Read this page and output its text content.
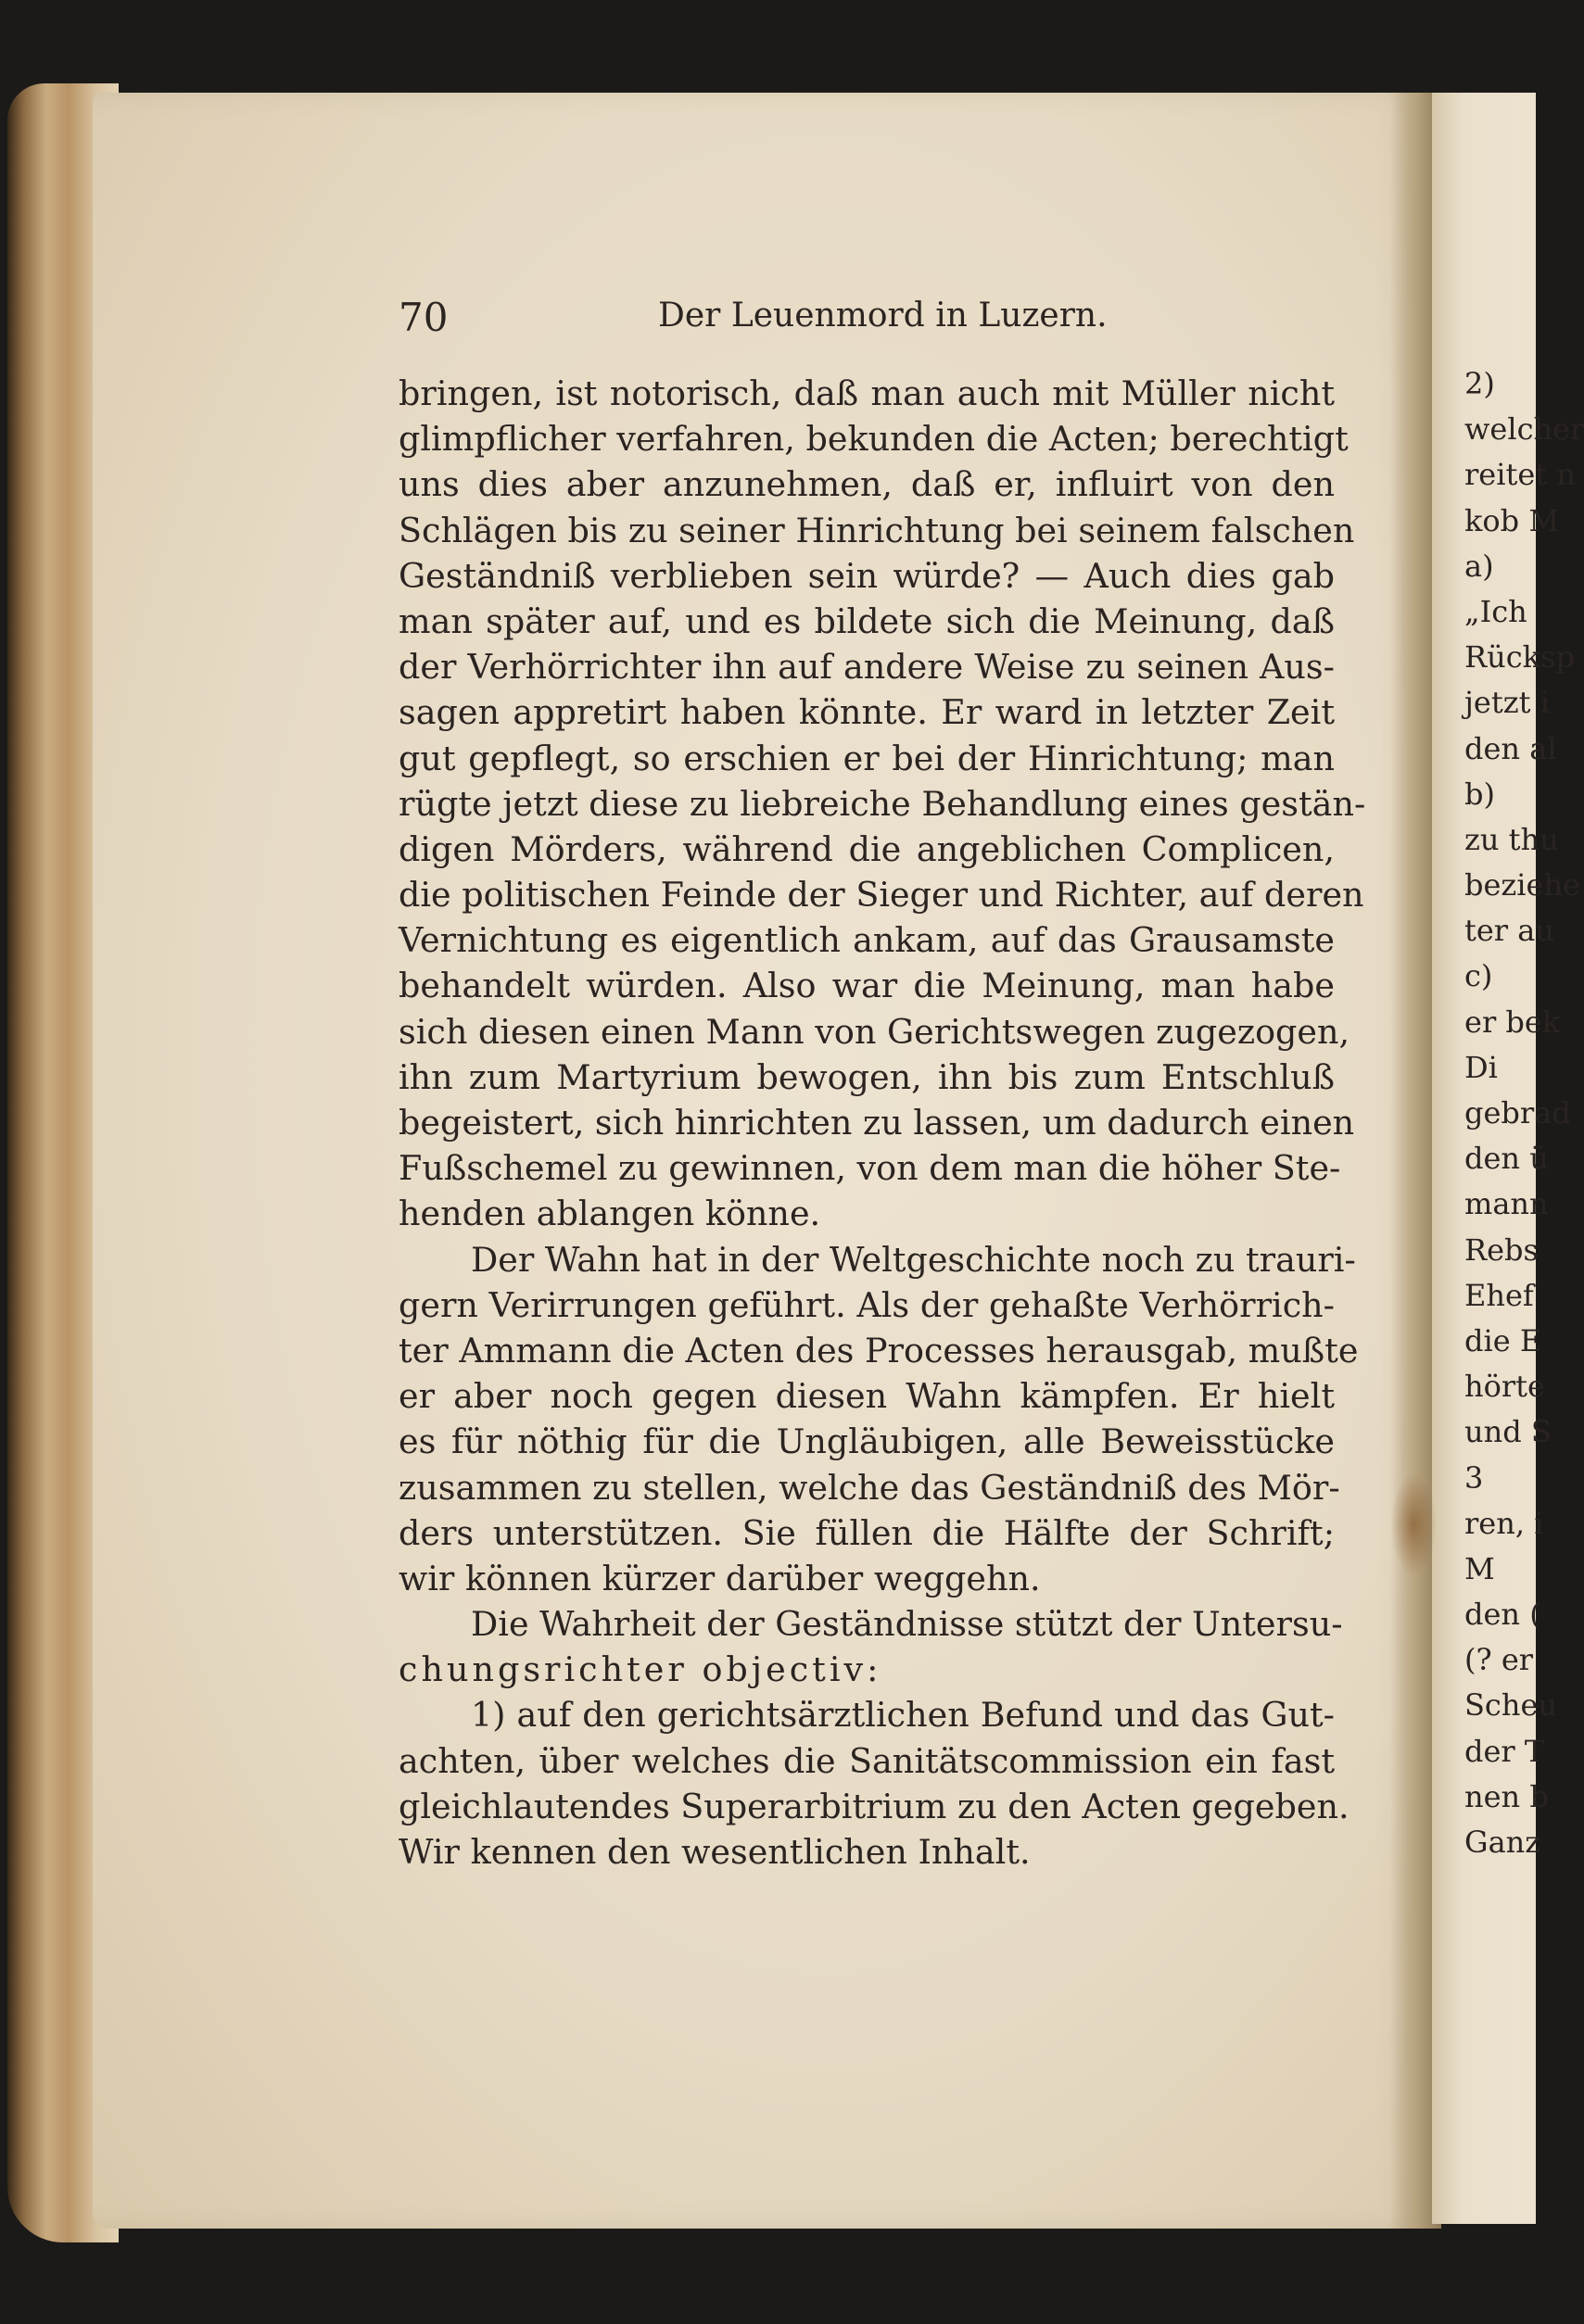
70	Der Leuenmord in Luzern.
bringen, ist notorisch, daß man auch mit Müller nicht
glimpflicher verfahren, bekunden die Acten; berechtigt
uns dies aber anzunehmen, daß er, influirt von den
Schlägen bis zu seiner Hinrichtung bei seinem falschen
Geständniß verblieben sein würde? — Auch dies gab
man später auf, und es bildete sich die Meinung, daß
der Verhörrichter ihn auf andere Weise zu seinen Aus-
sagen appretirt haben könnte. Er ward in letzter Zeit
gut gepflegt, so erschien er bei der Hinrichtung; man
rügte jetzt diese zu liebreiche Behandlung eines gestän-
digen Mörders, während die angeblichen Complicen,
die politischen Feinde der Sieger und Richter, auf deren
Vernichtung es eigentlich ankam, auf das Grausamste
behandelt würden. Also war die Meinung, man habe
sich diesen einen Mann von Gerichtswegen zugezogen,
ihn zum Martyrium bewogen, ihn bis zum Entschluß
begeistert, sich hinrichten zu lassen, um dadurch einen
Fußschemel zu gewinnen, von dem man die höher Ste-
henden ablangen könne.
Der Wahn hat in der Weltgeschichte noch zu trauri-
gern Verirrungen geführt. Als der gehaßte Verhörrich-
ter Ammann die Acten des Processes herausgab, mußte
er aber noch gegen diesen Wahn kämpfen. Er hielt
es für nöthig für die Ungläubigen, alle Beweisstücke
zusammen zu stellen, welche das Geständniß des Mör-
ders unterstützen. Sie füllen die Hälfte der Schrift;
wir können kürzer darüber weggehn.
Die Wahrheit der Geständnisse stützt der Untersu-
chungsrichter objectiv:
1) auf den gerichtsärztlichen Befund und das Gut-
achten, über welches die Sanitätscommission ein fast
gleichlautendes Superarbitrium zu den Acten gegeben.
Wir kennen den wesentlichen Inhalt.
2)
welcher
reitet n
kob M
a)
„Ich
Rücksp
jetzt i
den al
b)
zu thu
beziehe
ter au
c)
er bek
Di
gebrad
den ü
mann
Rebs
Ehef
die E
hörte
und S
3
ren, i
M
den (
(? er
Scheu
der T
nen b
Ganz
